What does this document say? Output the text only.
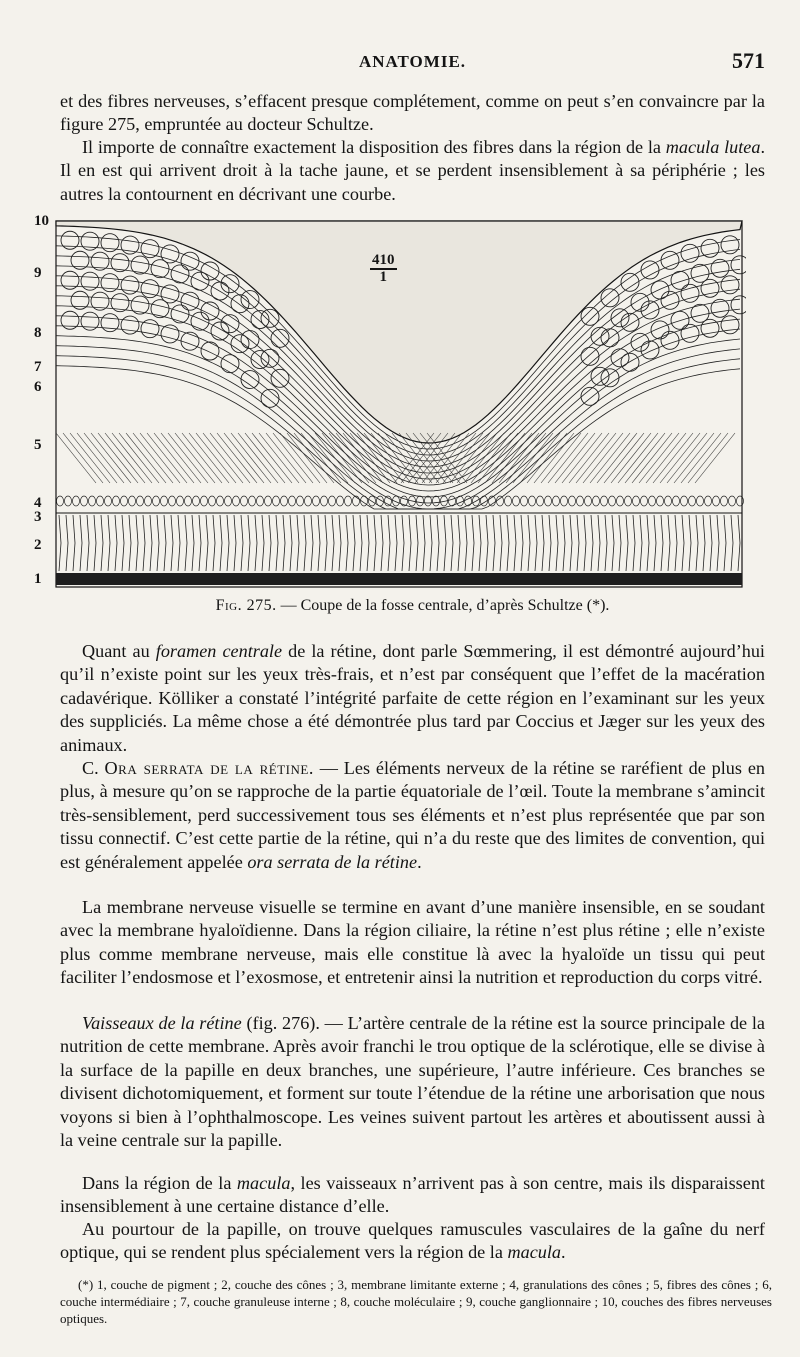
ANATOMIE.	571

et des fibres nerveuses, s’effacent presque complétement, comme on peut s’en convaincre par la figure 275, empruntée au docteur Schultze.

Il importe de connaître exactement la disposition des fibres dans la région de la macula lutea. Il en est qui arrivent droit à la tache jaune, et se perdent insensiblement à sa périphérie ; les autres la contournent en décrivant une courbe.

$\frac{410}{1}$
10
9
8
7
6
5
4
3
2
1
Fig. 275. — Coupe de la fosse centrale, d’après Schultze (*).

Quant au foramen centrale de la rétine, dont parle Sœmmering, il est démontré aujourd’hui qu’il n’existe point sur les yeux très-frais, et n’est par conséquent que l’effet de la macération cadavérique. Kölliker a constaté l’intégrité parfaite de cette région en l’examinant sur les yeux des suppliciés. La même chose a été démontrée plus tard par Coccius et Jæger sur les yeux des animaux.

C. Ora serrata de la rétine. — Les éléments nerveux de la rétine se raréfient de plus en plus, à mesure qu’on se rapproche de la partie équatoriale de l’œil. Toute la membrane s’amincit très-sensiblement, perd successivement tous ses éléments et n’est plus représentée que par son tissu connectif. C’est cette partie de la rétine, qui n’a du reste que des limites de convention, qui est généralement appelée ora serrata de la rétine.

La membrane nerveuse visuelle se termine en avant d’une manière insensible, en se soudant avec la membrane hyaloïdienne. Dans la région ciliaire, la rétine n’est plus rétine ; elle n’existe plus comme membrane nerveuse, mais elle constitue là avec la hyaloïde un tissu qui peut faciliter l’endosmose et l’exosmose, et entretenir ainsi la nutrition et reproduction du corps vitré.

Vaisseaux de la rétine (fig. 276). — L’artère centrale de la rétine est la source principale de la nutrition de cette membrane. Après avoir franchi le trou optique de la sclérotique, elle se divise à la surface de la papille en deux branches, une supérieure, l’autre inférieure. Ces branches se divisent dichotomiquement, et forment sur toute l’étendue de la rétine une arborisation que nous voyons si bien à l’ophthalmoscope. Les veines suivent partout les artères et aboutissent aussi à la veine centrale sur la papille.

Dans la région de la macula, les vaisseaux n’arrivent pas à son centre, mais ils disparaissent insensiblement à une certaine distance d’elle.

Au pourtour de la papille, on trouve quelques ramuscules vasculaires de la gaîne du nerf optique, qui se rendent plus spécialement vers la région de la macula.

(*) 1, couche de pigment ; 2, couche des cônes ; 3, membrane limitante externe ; 4, granulations des cônes ; 5, fibres des cônes ; 6, couche intermédiaire ; 7, couche granuleuse interne ; 8, couche moléculaire ; 9, couche ganglionnaire ; 10, couches des fibres nerveuses optiques.
